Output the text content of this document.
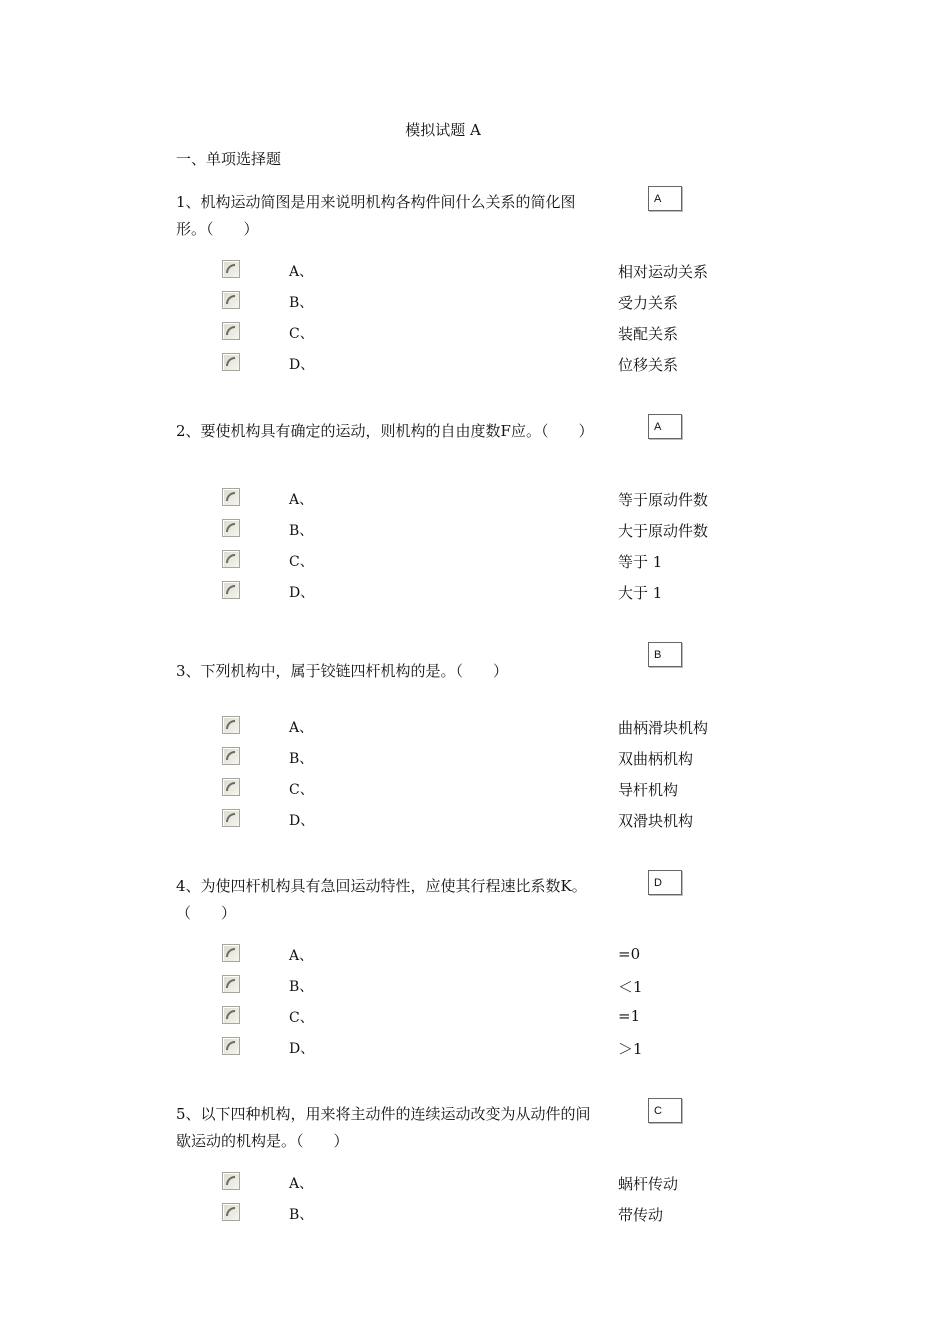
模拟试题 A
一、单项选择题
1、机构运动简图是用来说明机构各构件间什么关系的简化图形。（　　）
A
A、	相对运动关系
B、	受力关系
C、	装配关系
D、	位移关系
2、要使机构具有确定的运动，则机构的自由度数F应。（　　）	A
A、	等于原动件数
B、	大于原动件数
C、	等于 1
D、	大于 1
3、下列机构中，属于铰链四杆机构的是。（　　）
B
A、	曲柄滑块机构
B、	双曲柄机构
C、	导杆机构
D、	双滑块机构
4、为使四杆机构具有急回运动特性，应使其行程速比系数K。（　　）
D
A、	=0
B、	＜1
C、	=1
D、	＞1
5、以下四种机构，用来将主动件的连续运动改变为从动件的间歇运动的机构是。（　　）
C
A、	蜗杆传动
B、	带传动
